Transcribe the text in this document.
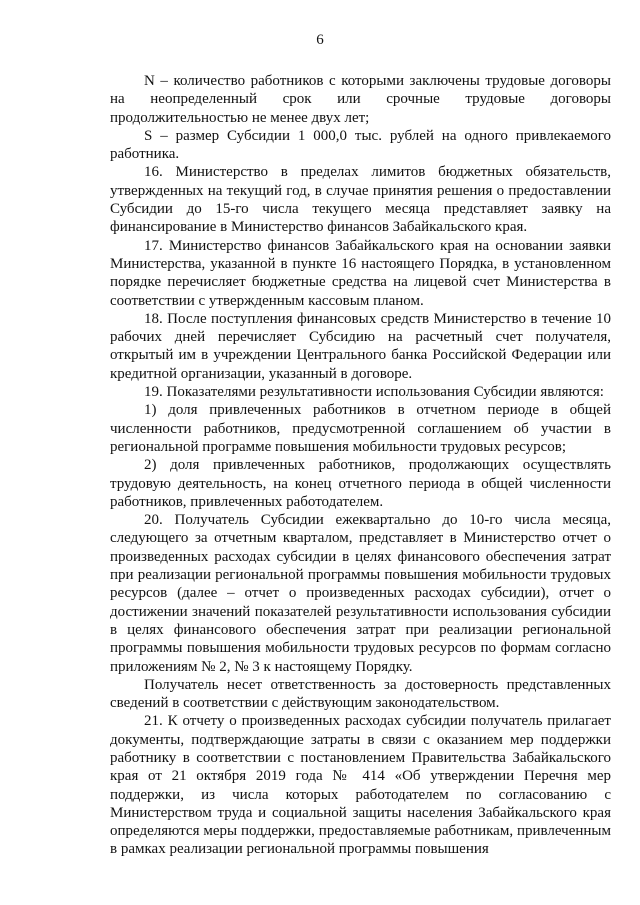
6

N – количество работников с которыми заключены трудовые договоры на неопределенный срок или срочные трудовые договоры продолжительностью не менее двух лет;

S – размер Субсидии 1 000,0 тыс. рублей на одного привлекаемого работника.

16. Министерство в пределах лимитов бюджетных обязательств, утвержденных на текущий год, в случае принятия решения о предоставлении Субсидии до 15-го числа текущего месяца представляет заявку на финансирование в Министерство финансов Забайкальского края.

17. Министерство финансов Забайкальского края на основании заявки Министерства, указанной в пункте 16 настоящего Порядка, в установленном порядке перечисляет бюджетные средства на лицевой счет Министерства в соответствии с утвержденным кассовым планом.

18. После поступления финансовых средств Министерство в течение 10 рабочих дней перечисляет Субсидию на расчетный счет получателя, открытый им в учреждении Центрального банка Российской Федерации или кредитной организации, указанный в договоре.

19. Показателями результативности использования Субсидии являются:

1) доля привлеченных работников в отчетном периоде в общей численности работников, предусмотренной соглашением об участии в региональной программе повышения мобильности трудовых ресурсов;

2) доля привлеченных работников, продолжающих осуществлять трудовую деятельность, на конец отчетного периода в общей численности работников, привлеченных работодателем.

20. Получатель Субсидии ежеквартально до 10-го числа месяца, следующего за отчетным кварталом, представляет в Министерство отчет о произведенных расходах субсидии в целях финансового обеспечения затрат при реализации региональной программы повышения мобильности трудовых ресурсов (далее – отчет о произведенных расходах субсидии), отчет о достижении значений показателей результативности использования субсидии в целях финансового обеспечения затрат при реализации региональной программы повышения мобильности трудовых ресурсов по формам согласно приложениям № 2, № 3 к настоящему Порядку.

Получатель несет ответственность за достоверность представленных сведений в соответствии с действующим законодательством.

21. К отчету о произведенных расходах субсидии получатель прилагает документы, подтверждающие затраты в связи с оказанием мер поддержки работнику в соответствии с постановлением Правительства Забайкальского края от 21 октября 2019 года № 414 «Об утверждении Перечня мер поддержки, из числа которых работодателем по согласованию с Министерством труда и социальной защиты населения Забайкальского края определяются меры поддержки, предоставляемые работникам, привлеченным в рамках реализации региональной программы повышения
